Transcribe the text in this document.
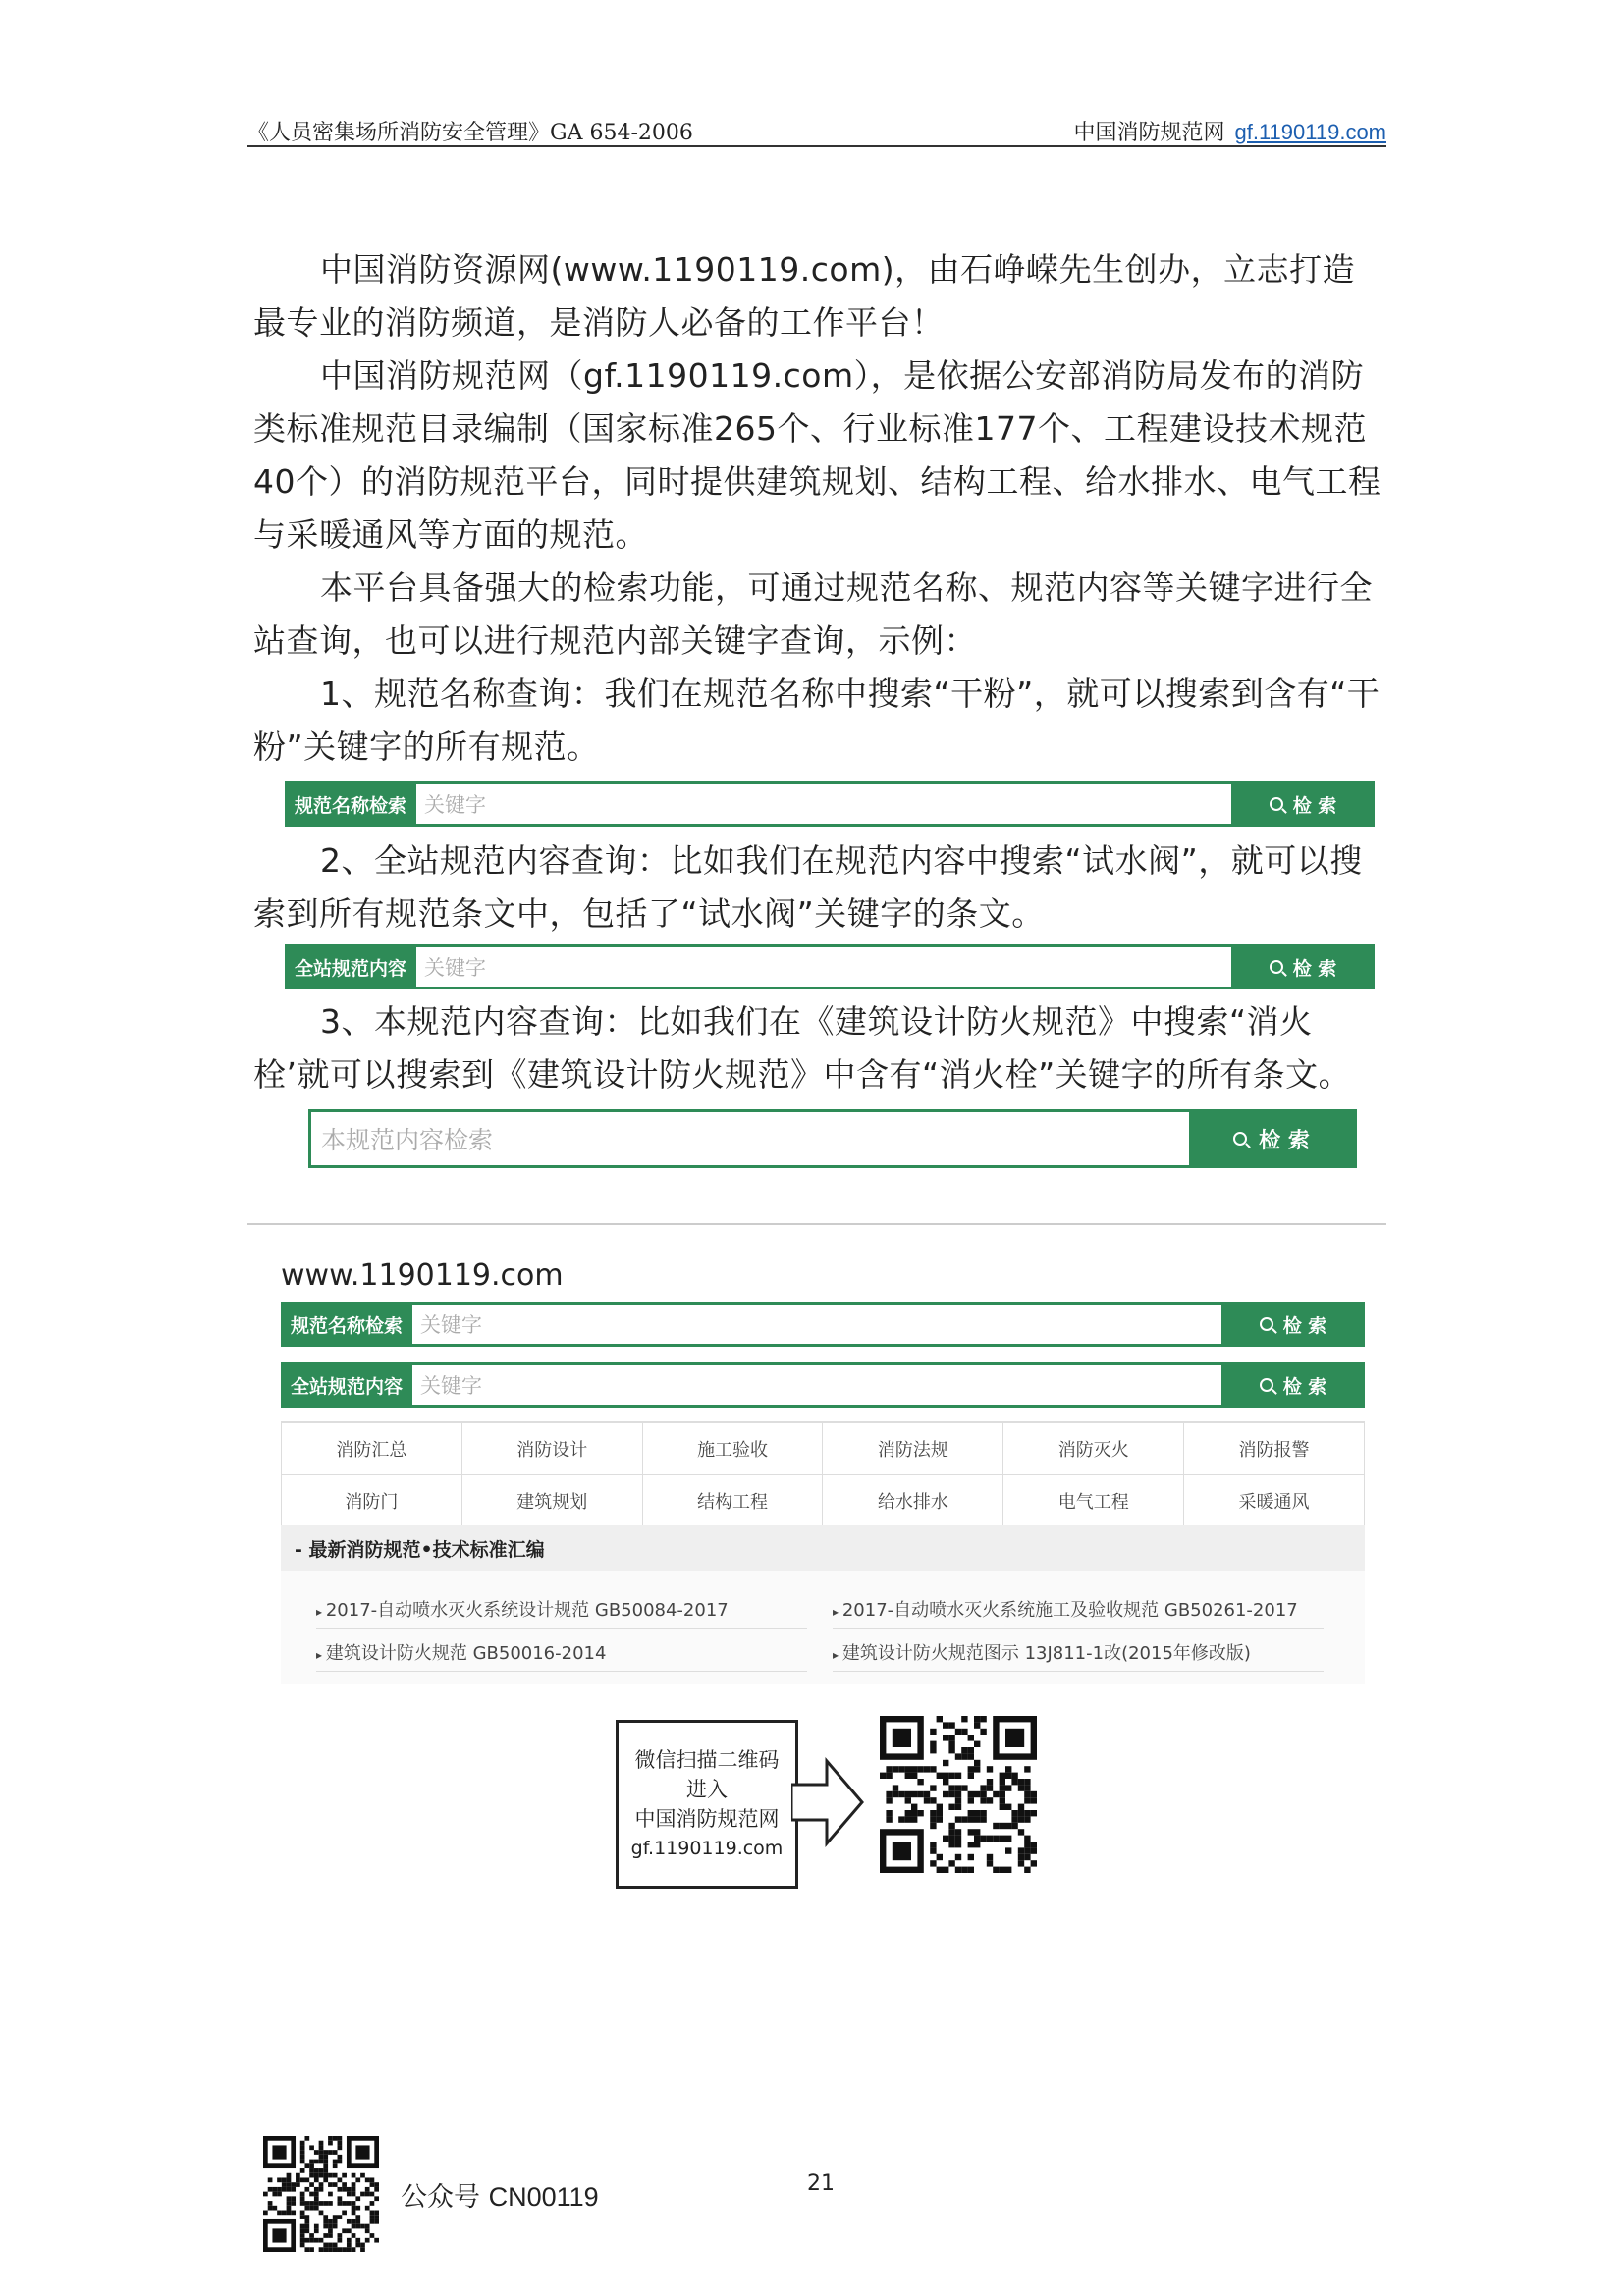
《人员密集场所消防安全管理》GA 654-2006	中国消防规范网 gf.1190119.com
中国消防资源网(www.1190119.com)，由石峥嵘先生创办，立志打造最专业的消防频道，是消防人必备的工作平台！
中国消防规范网（gf.1190119.com），是依据公安部消防局发布的消防类标准规范目录编制（国家标准265个、行业标准177个、工程建设技术规范40个）的消防规范平台，同时提供建筑规划、结构工程、给水排水、电气工程与采暖通风等方面的规范。
本平台具备强大的检索功能，可通过规范名称、规范内容等关键字进行全站查询，也可以进行规范内部关键字查询，示例：
1、规范名称查询：我们在规范名称中搜索“干粉”，就可以搜索到含有“干粉”关键字的所有规范。
规范名称检索 关键字	检 索
2、全站规范内容查询：比如我们在规范内容中搜索“试水阀”，就可以搜索到所有规范条文中，包括了“试水阀”关键字的条文。
全站规范内容 关键字	检 索
3、本规范内容查询：比如我们在《建筑设计防火规范》中搜索“消火栓’就可以搜索到《建筑设计防火规范》中含有“消火栓”关键字的所有条文。
本规范内容检索	检 索
www.1190119.com
规范名称检索 关键字	检 索
全站规范内容 关键字	检 索
消防汇总	消防设计	施工验收	消防法规	消防灭火	消防报警
消防门	建筑规划	结构工程	给水排水	电气工程	采暖通风
- 最新消防规范•技术标准汇编
▸ 2017-自动喷水灭火系统设计规范 GB50084-2017	▸ 2017-自动喷水灭火系统施工及验收规范 GB50261-2017
▸ 建筑设计防火规范 GB50016-2014	▸ 建筑设计防火规范图示 13J811-1改(2015年修改版)
微信扫描二维码
进入
中国消防规范网
gf.1190119.com
公众号 CN00119	21
